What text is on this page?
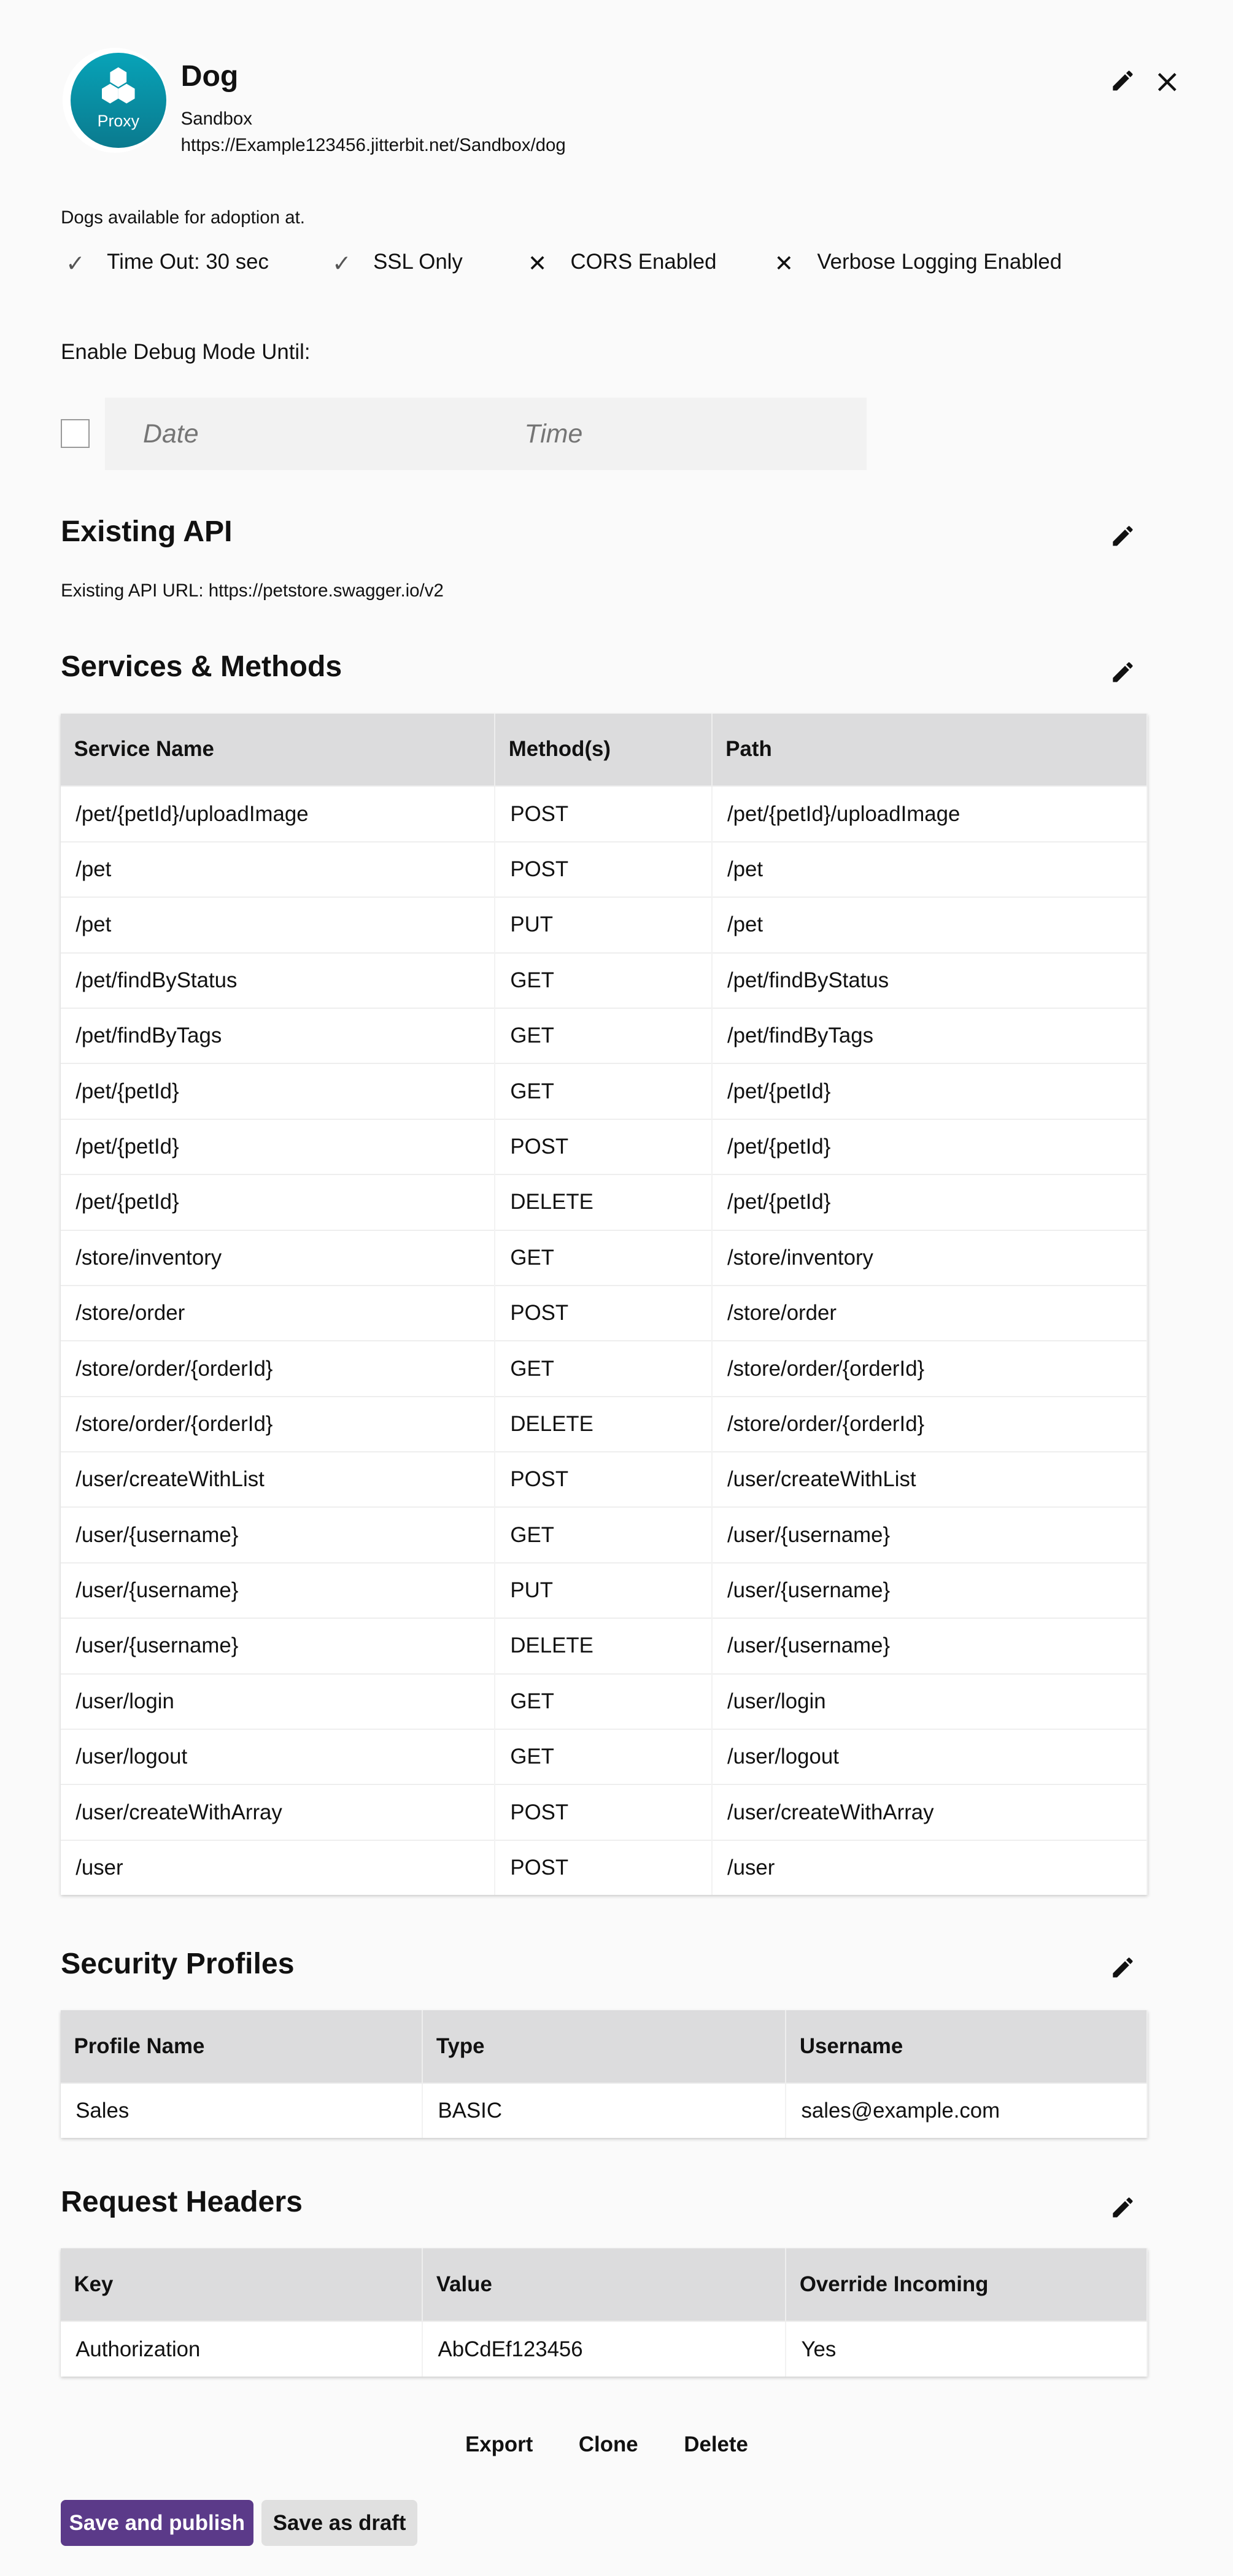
Proxy
Dog
Sandbox
https://Example123456.jitterbit.net/Sandbox/dog
Dogs available for adoption at.
✓	Time Out: 30 sec	✓	SSL Only	✕	CORS Enabled	✕	Verbose Logging Enabled
Enable Debug Mode Until:
Date
Time
Existing API
Existing API URL: https://petstore.swagger.io/v2
Services & Methods
Service Name	Method(s)	Path
/pet/{petId}/uploadImage	POST	/pet/{petId}/uploadImage
/pet	POST	/pet
/pet	PUT	/pet
/pet/findByStatus	GET	/pet/findByStatus
/pet/findByTags	GET	/pet/findByTags
/pet/{petId}	GET	/pet/{petId}
/pet/{petId}	POST	/pet/{petId}
/pet/{petId}	DELETE	/pet/{petId}
/store/inventory	GET	/store/inventory
/store/order	POST	/store/order
/store/order/{orderId}	GET	/store/order/{orderId}
/store/order/{orderId}	DELETE	/store/order/{orderId}
/user/createWithList	POST	/user/createWithList
/user/{username}	GET	/user/{username}
/user/{username}	PUT	/user/{username}
/user/{username}	DELETE	/user/{username}
/user/login	GET	/user/login
/user/logout	GET	/user/logout
/user/createWithArray	POST	/user/createWithArray
/user	POST	/user
Security Profiles
Profile Name	Type	Username
Sales	BASIC	sales@example.com
Request Headers
Key	Value	Override Incoming
Authorization	AbCdEf123456	Yes
Export	Clone	Delete
Save and publish	Save as draft
